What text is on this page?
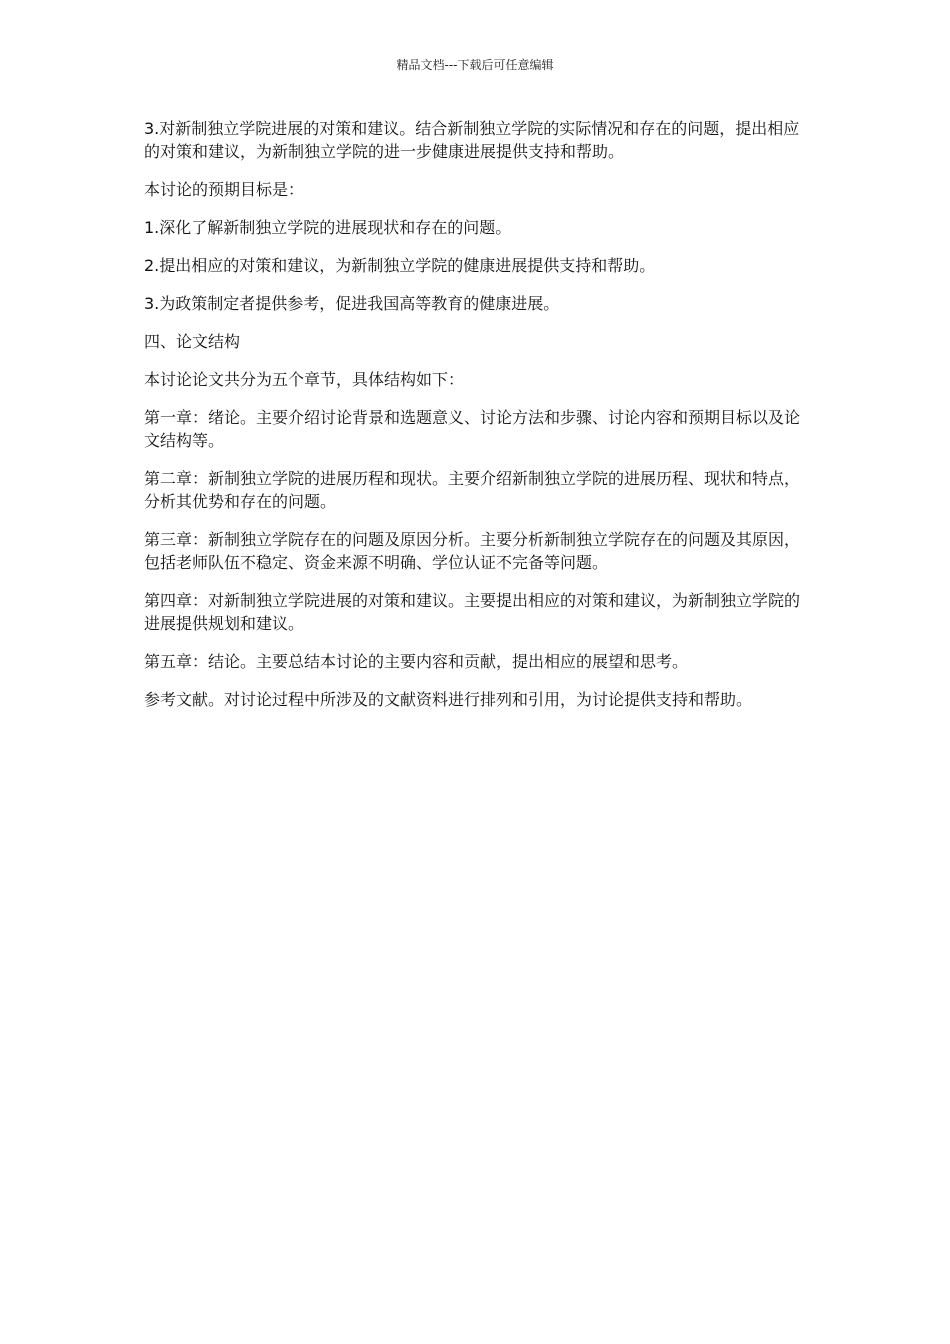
精品文档---下载后可任意编辑

3.对新制独立学院进展的对策和建议。结合新制独立学院的实际情况和存在的问题，提出相应的对策和建议，为新制独立学院的进一步健康进展提供支持和帮助。

本讨论的预期目标是：

1.深化了解新制独立学院的进展现状和存在的问题。

2.提出相应的对策和建议，为新制独立学院的健康进展提供支持和帮助。

3.为政策制定者提供参考，促进我国高等教育的健康进展。

四、论文结构

本讨论论文共分为五个章节，具体结构如下：

第一章：绪论。主要介绍讨论背景和选题意义、讨论方法和步骤、讨论内容和预期目标以及论文结构等。

第二章：新制独立学院的进展历程和现状。主要介绍新制独立学院的进展历程、现状和特点，分析其优势和存在的问题。

第三章：新制独立学院存在的问题及原因分析。主要分析新制独立学院存在的问题及其原因，包括老师队伍不稳定、资金来源不明确、学位认证不完备等问题。

第四章：对新制独立学院进展的对策和建议。主要提出相应的对策和建议，为新制独立学院的进展提供规划和建议。

第五章：结论。主要总结本讨论的主要内容和贡献，提出相应的展望和思考。

参考文献。对讨论过程中所涉及的文献资料进行排列和引用，为讨论提供支持和帮助。
